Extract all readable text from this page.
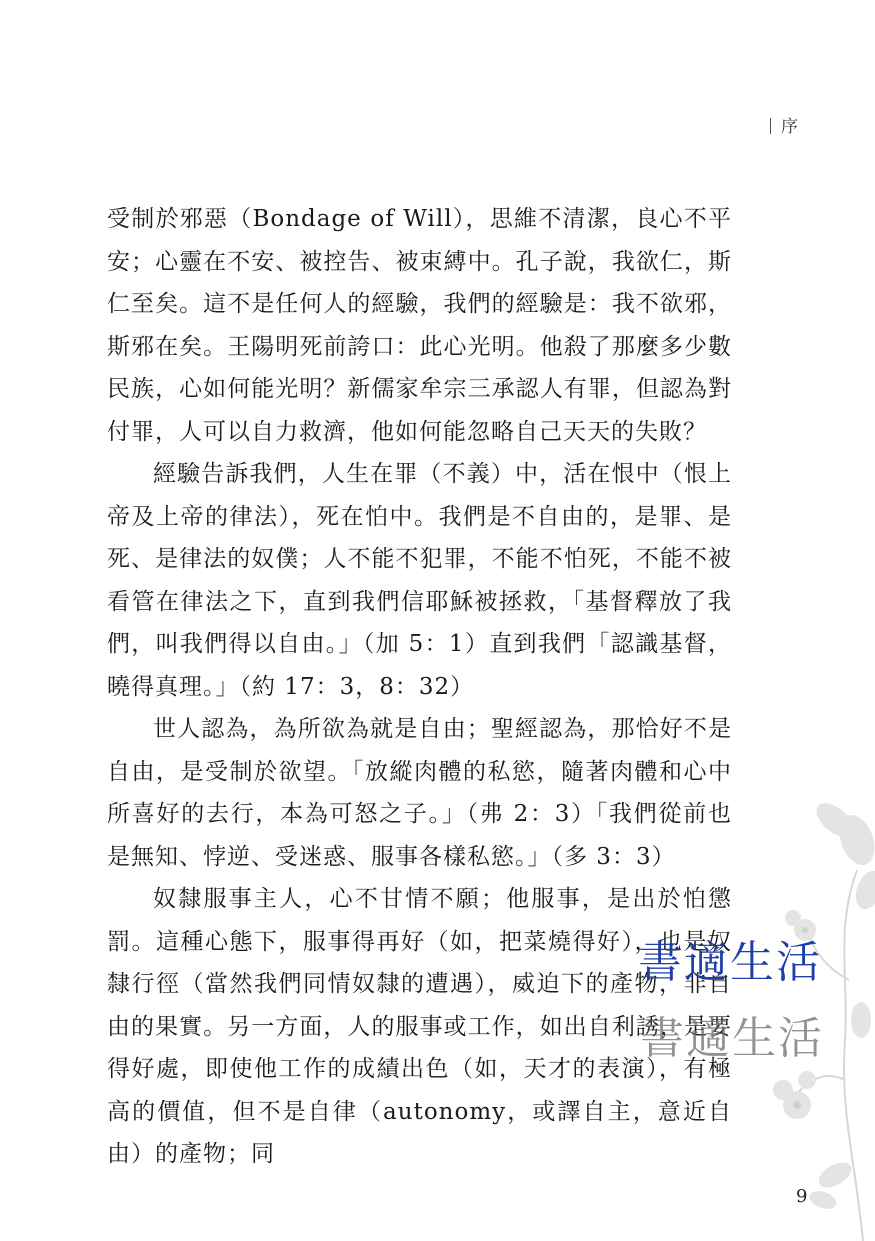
序

受制於邪惡（Bondage of Will），思維不清潔，良心不平安；心靈在不安、被控告、被束縛中。孔子說，我欲仁，斯仁至矣。這不是任何人的經驗，我們的經驗是：我不欲邪，斯邪在矣。王陽明死前誇口：此心光明。他殺了那麼多少數民族，心如何能光明？新儒家牟宗三承認人有罪，但認為對付罪，人可以自力救濟，他如何能忽略自己天天的失敗？

經驗告訴我們，人生在罪（不義）中，活在恨中（恨上帝及上帝的律法），死在怕中。我們是不自由的，是罪、是死、是律法的奴僕；人不能不犯罪，不能不怕死，不能不被看管在律法之下，直到我們信耶穌被拯救，「基督釋放了我們，叫我們得以自由。」（加 5：1）直到我們「認識基督，曉得真理。」（約 17：3，8：32）

世人認為，為所欲為就是自由；聖經認為，那恰好不是自由，是受制於欲望。「放縱肉體的私慾，隨著肉體和心中所喜好的去行，本為可怒之子。」（弗 2：3）「我們從前也是無知、悖逆、受迷惑、服事各樣私慾。」（多 3：3）

奴隸服事主人，心不甘情不願；他服事，是出於怕懲罰。這種心態下，服事得再好（如，把菜燒得好），也是奴隸行徑（當然我們同情奴隸的遭遇），威迫下的產物，非自由的果實。另一方面，人的服事或工作，如出自利誘，是要得好處，即使他工作的成績出色（如，天才的表演），有極高的價值，但不是自律（autonomy，或譯自主，意近自由）的產物；同

書適生活
書適生活
9
